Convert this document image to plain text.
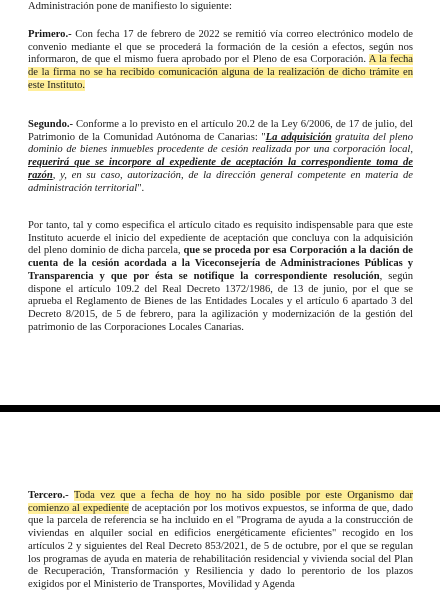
Administración pone de manifiesto lo siguiente:

Primero.- Con fecha 17 de febrero de 2022 se remitió vía correo electrónico modelo de convenio mediante el que se procederá la formación de la cesión a efectos, según nos informaron, de que el mismo fuera aprobado por el Pleno de esa Corporación. A la fecha de la firma no se ha recibido comunicación alguna de la realización de dicho trámite en este Instituto.

Segundo.- Conforme a lo previsto en el artículo 20.2 de la Ley 6/2006, de 17 de julio, del Patrimonio de la Comunidad Autónoma de Canarias: "La adquisición gratuita del pleno dominio de bienes inmuebles procedente de cesión realizada por una corporación local, requerirá que se incorpore al expediente de aceptación la correspondiente toma de razón, y, en su caso, autorización, de la dirección general competente en materia de administración territorial".

Por tanto, tal y como especifica el artículo citado es requisito indispensable para que este Instituto acuerde el inicio del expediente de aceptación que concluya con la adquisición del pleno dominio de dicha parcela, que se proceda por esa Corporación a la dación de cuenta de la cesión acordada a la Viceconsejería de Administraciones Públicas y Transparencia y que por ésta se notifique la correspondiente resolución, según dispone el artículo 109.2 del Real Decreto 1372/1986, de 13 de junio, por el que se aprueba el Reglamento de Bienes de las Entidades Locales y el artículo 6 apartado 3 del Decreto 8/2015, de 5 de febrero, para la agilización y modernización de la gestión del patrimonio de las Corporaciones Locales Canarias.

Tercero.- Toda vez que a fecha de hoy no ha sido posible por este Organismo dar comienzo al expediente de aceptación por los motivos expuestos, se informa de que, dado que la parcela de referencia se ha incluido en el "Programa de ayuda a la construcción de viviendas en alquiler social en edificios energéticamente eficientes" recogido en los artículos 2 y siguientes del Real Decreto 853/2021, de 5 de octubre, por el que se regulan los programas de ayuda en materia de rehabilitación residencial y vivienda social del Plan de Recuperación, Transformación y Resiliencia y dado lo perentorio de los plazos exigidos por el Ministerio de Transportes, Movilidad y Agenda
